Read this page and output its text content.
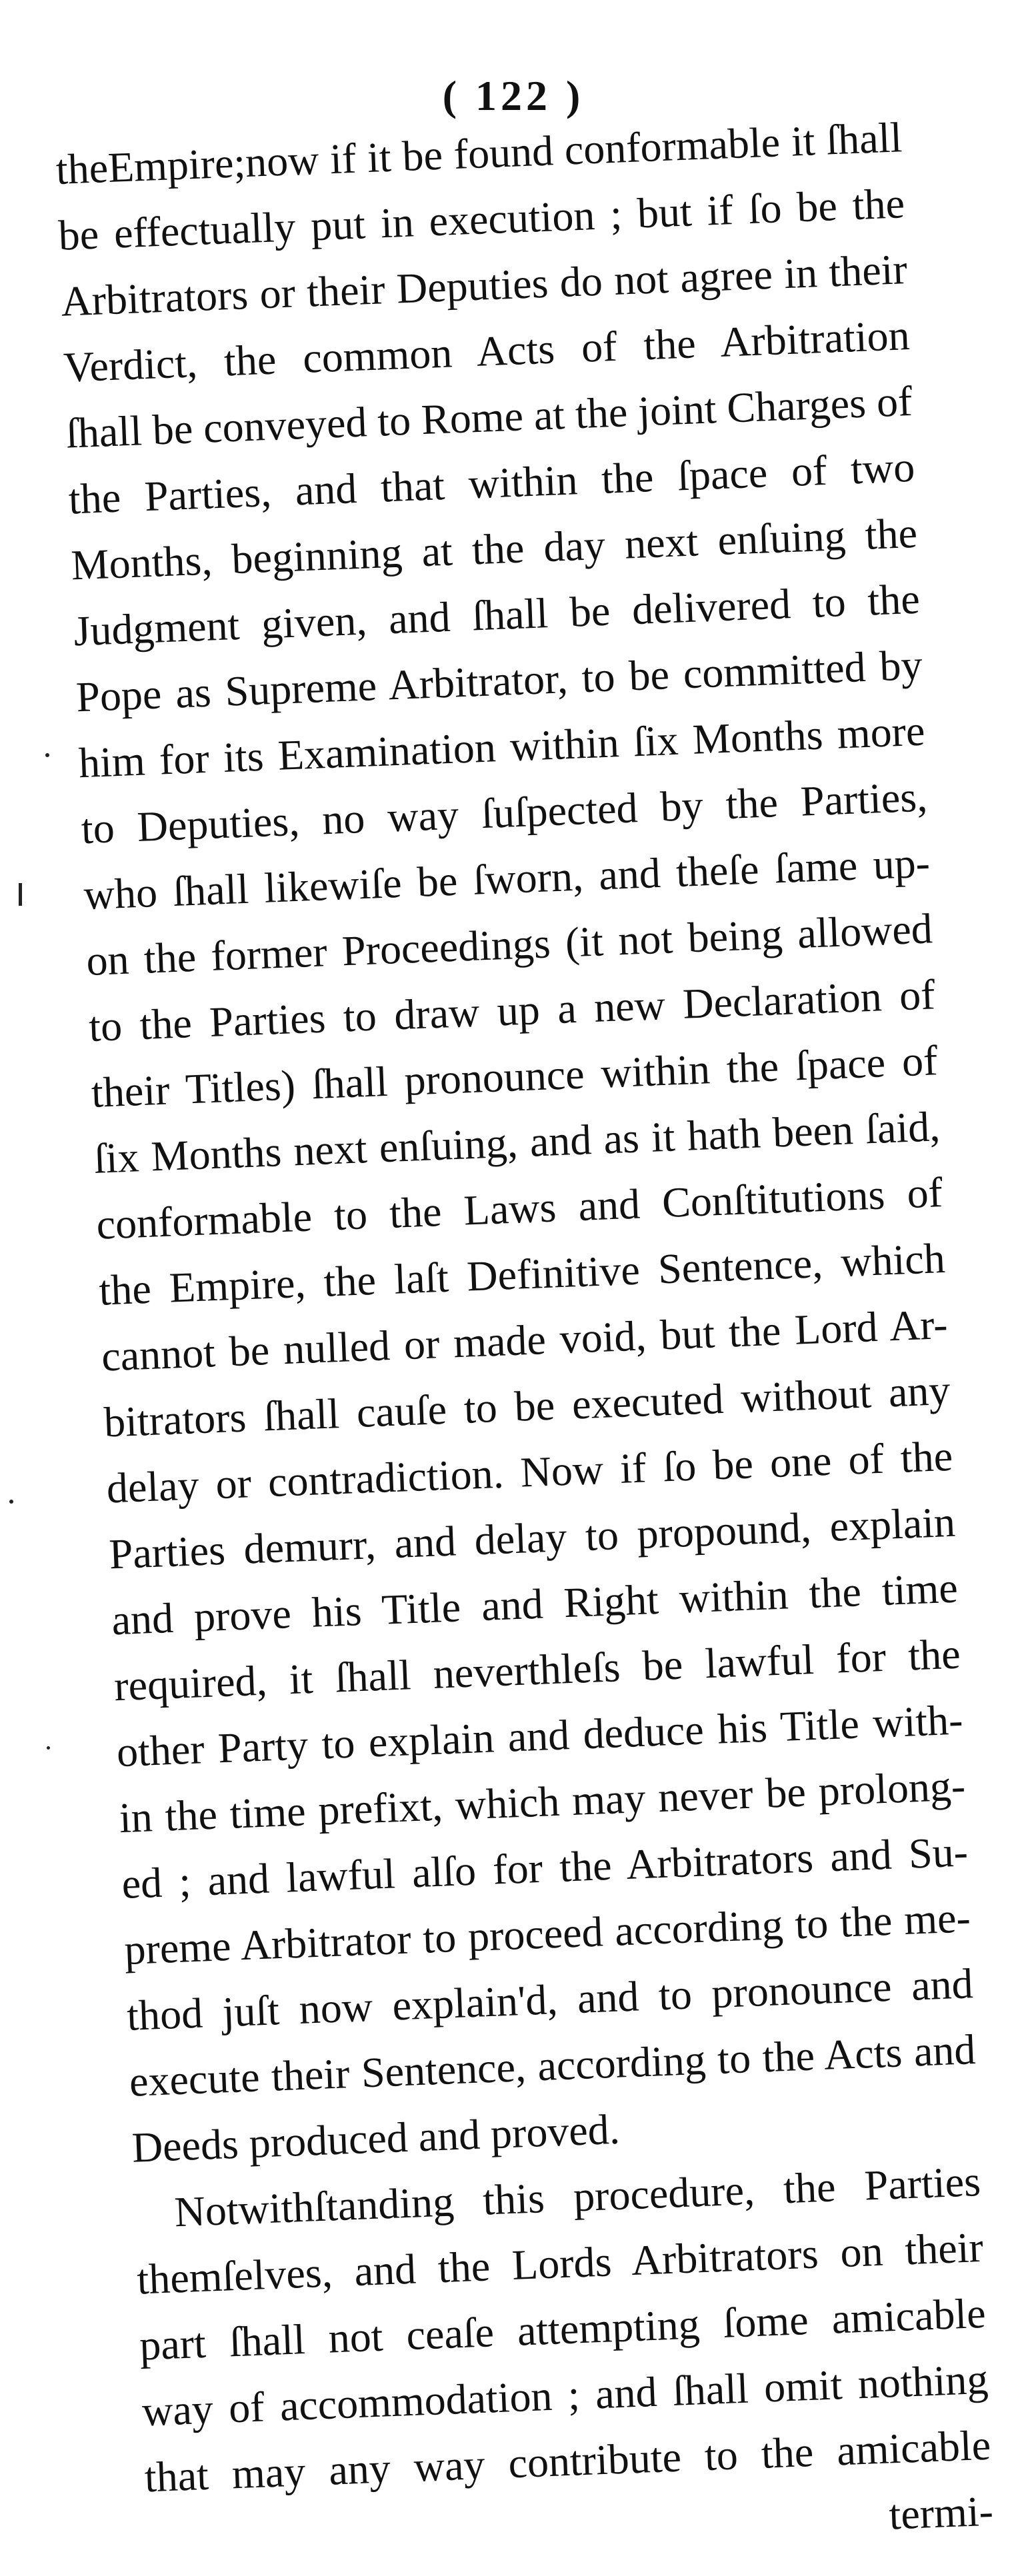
( 122 )
theEmpire;now if it be found conformable it ſhall
be effectually put in execution ; but if ſo be the
Arbitrators or their Deputies do not agree in their
Verdict, the common Acts of the Arbitration
ſhall be conveyed to Rome at the joint Charges of
the Parties, and that within the ſpace of two
Months, beginning at the day next enſuing the
Judgment given, and ſhall be delivered to the
Pope as Supreme Arbitrator, to be committed by
him for its Examination within ſix Months more
to Deputies, no way ſuſpected by the Parties,
who ſhall likewiſe be ſworn, and theſe ſame up-
on the former Proceedings (it not being allowed
to the Parties to draw up a new Declaration of
their Titles) ſhall pronounce within the ſpace of
ſix Months next enſuing, and as it hath been ſaid,
conformable to the Laws and Conſtitutions of
the Empire, the laſt Definitive Sentence, which
cannot be nulled or made void, but the Lord Ar-
bitrators ſhall cauſe to be executed without any
delay or contradiction. Now if ſo be one of the
Parties demurr, and delay to propound, explain
and prove his Title and Right within the time
required, it ſhall neverthleſs be lawful for the
other Party to explain and deduce his Title with-
in the time prefixt, which may never be prolong-
ed ; and lawful alſo for the Arbitrators and Su-
preme Arbitrator to proceed according to the me-
thod juſt now explain'd, and to pronounce and
execute their Sentence, according to the Acts and
Deeds produced and proved.
Notwithſtanding this procedure, the Parties
themſelves, and the Lords Arbitrators on their
part ſhall not ceaſe attempting ſome amicable
way of accommodation ; and ſhall omit nothing
that may any way contribute to the amicable
termi-
